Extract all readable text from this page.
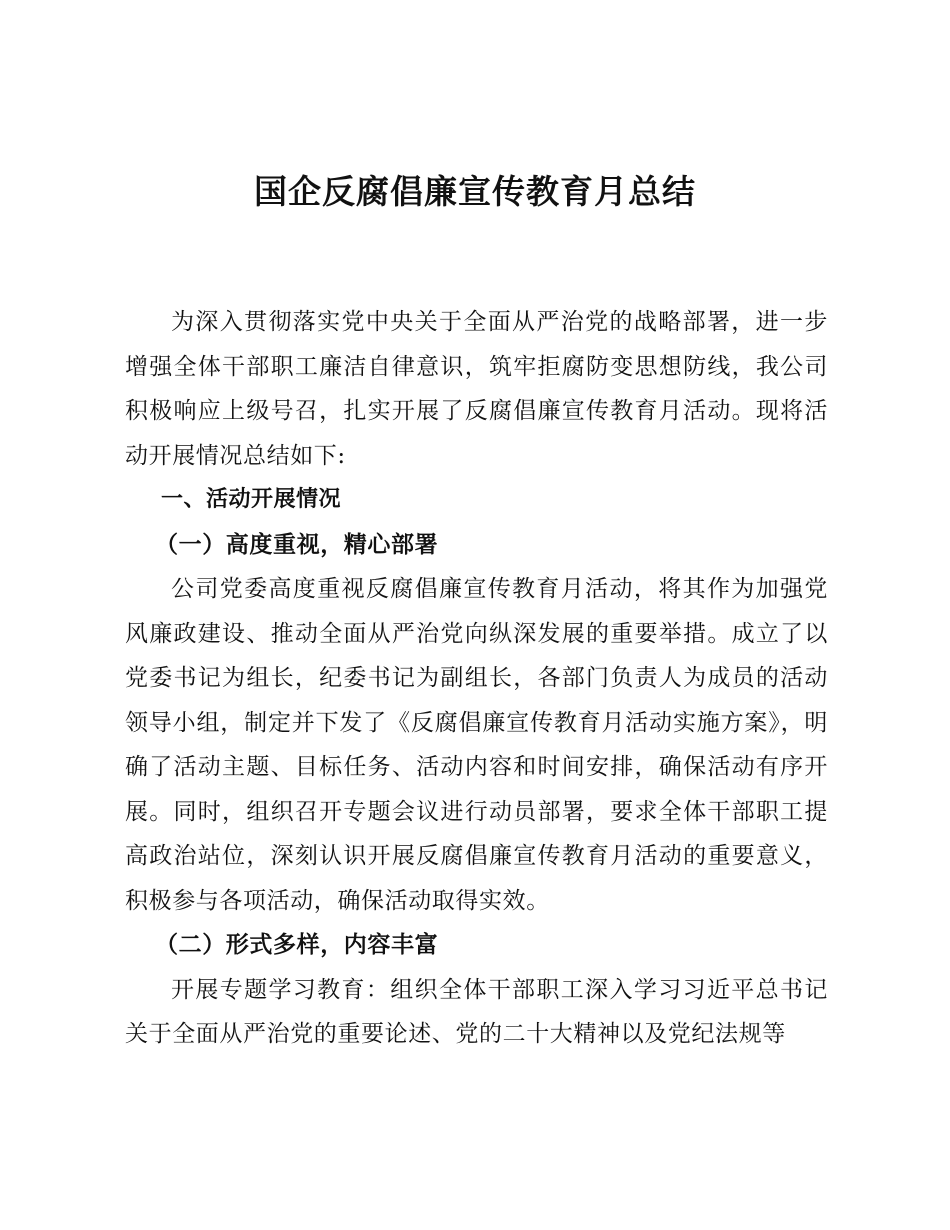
国企反腐倡廉宣传教育月总结

为深入贯彻落实党中央关于全面从严治党的战略部署，进一步增强全体干部职工廉洁自律意识，筑牢拒腐防变思想防线，我公司积极响应上级号召，扎实开展了反腐倡廉宣传教育月活动。现将活动开展情况总结如下:

一、活动开展情况
（一）高度重视，精心部署

公司党委高度重视反腐倡廉宣传教育月活动，将其作为加强党风廉政建设、推动全面从严治党向纵深发展的重要举措。成立了以党委书记为组长，纪委书记为副组长，各部门负责人为成员的活动领导小组，制定并下发了《反腐倡廉宣传教育月活动实施方案》，明确了活动主题、目标任务、活动内容和时间安排，确保活动有序开展。同时，组织召开专题会议进行动员部署，要求全体干部职工提高政治站位，深刻认识开展反腐倡廉宣传教育月活动的重要意义，积极参与各项活动，确保活动取得实效。

（二）形式多样，内容丰富

开展专题学习教育：组织全体干部职工深入学习习近平总书记关于全面从严治党的重要论述、党的二十大精神以及党纪法规等
